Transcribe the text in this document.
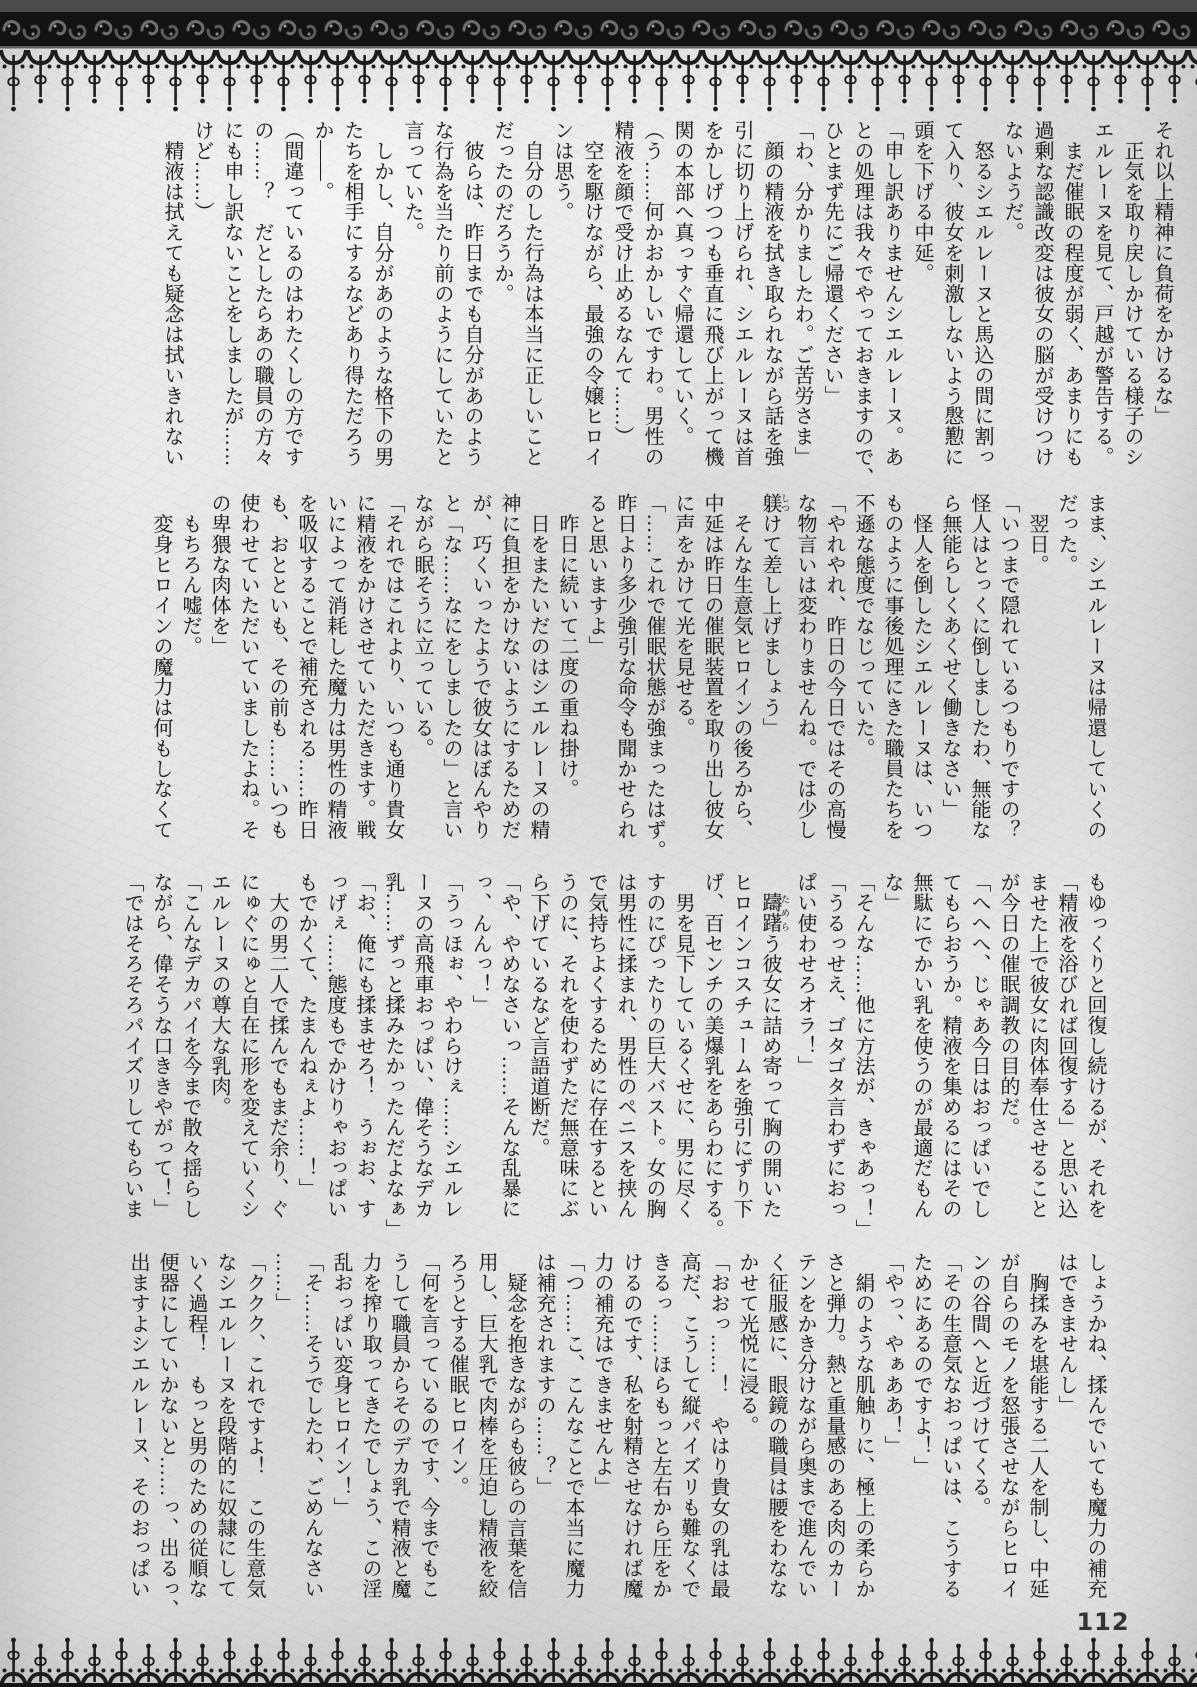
それ以上精神に負荷をかけるな」

　正気を取り戻しかけている様子のシ

エルレーヌを見て、戸越が警告する。

　まだ催眠の程度が弱く、あまりにも

過剰な認識改変は彼女の脳が受けつけ

ないようだ。

　怒るシエルレーヌと馬込の間に割っ

て入り、彼女を刺激しないよう慇懃に

頭を下げる中延。

「申し訳ありませんシエルレーヌ。あ

との処理は我々でやっておきますので、

ひとまず先にご帰還ください」

「わ、分かりましたわ。ご苦労さま」

　顔の精液を拭き取られながら話を強

引に切り上げられ、シエルレーヌは首

をかしげつつも垂直に飛び上がって機

関の本部へ真っすぐ帰還していく。

（う……何かおかしいですわ。男性の

精液を顔で受け止めるなんて……）

　空を駆けながら、最強の令嬢ヒロイ

ンは思う。

　自分のした行為は本当に正しいこと

だったのだろうか。

　彼らは、昨日までも自分があのよう

な行為を当たり前のようにしていたと

言っていた。

　しかし、自分があのような格下の男

たちを相手にするなどあり得ただろう

か――。

（間違っているのはわたくしの方です

の……？　だとしたらあの職員の方々

にも申し訳ないことをしましたが……

けど……）

　精液は拭えても疑念は拭いきれない

まま、シエルレーヌは帰還していくの

だった。

　翌日。

「いつまで隠れているつもりですの？

怪人はとっくに倒しましたわ、無能な

ら無能らしくあくせく働きなさい」

　怪人を倒したシエルレーヌは、いつ

ものように事後処理にきた職員たちを

不遜な態度でなじっていた。

「やれやれ、昨日の今日ではその高慢

な物言いは変わりませんね。では少し

躾 しつけて差し上げましょう」

　そんな生意気ヒロインの後ろから、

中延は昨日の催眠装置を取り出し彼女

に声をかけて光を見せる。

「……これで催眠状態が強まったはず。

昨日より多少強引な命令も聞かせられ

ると思いますよ」

　昨日に続いて二度の重ね掛け。

　日をまたいだのはシエルレーヌの精

神に負担をかけないようにするためだ

が、巧くいったようで彼女はぼんやり

と「な……なにをしましたの」と言い

ながら眠そうに立っている。

「それではこれより、いつも通り貴女

に精液をかけさせていただきます。戦

いによって消耗した魔力は男性の精液

を吸収することで補充される……昨日

も、おとといも、その前も……いつも

使わせていただいていましたよね。そ

の卑猥な肉体を」

　もちろん嘘だ。

　変身ヒロインの魔力は何もしなくて

もゆっくりと回復し続けるが、それを

「精液を浴びれば回復する」と思い込

ませた上で彼女に肉体奉仕させること

が今日の催眠調教の目的だ。

「へへへ、じゃあ今日はおっぱいでし

てもらおうか。精液を集めるにはその

無駄にでかい乳を使うのが最適だもん

な」

「そんな……他に方法が、きゃあっ！」

「うるっせえ、ゴタゴタ言わずにおっ

ぱい使わせろオラ！」

　躊躇 ためらう彼女に詰め寄って胸の開いた

ヒロインコスチュームを強引にずり下

げ、百センチの美爆乳をあらわにする。

　男を見下しているくせに、男に尽く

すのにぴったりの巨大バスト。女の胸

は男性に揉まれ、男性のペニスを挟ん

で気持ちよくするために存在するとい

うのに、それを使わずただ無意味にぶ

ら下げているなど言語道断だ。

「や、やめなさいっ……そんな乱暴に

っ、んんっ！」

「うっほぉ、やわらけぇ……シエルレ

ーヌの高飛車おっぱい、偉そうなデカ

乳……ずっと揉みたかったんだよなぁ」

「お、俺にも揉ませろ！　うぉお、す

っげぇ……態度もでかけりゃおっぱい

もでかくて、たまんねぇよ……！」

　大の男二人で揉んでもまだ余り、ぐ

にゅぐにゅと自在に形を変えていくシ

エルレーヌの尊大な乳肉。

「こんなデカパイを今まで散々揺らし

ながら、偉そうな口ききやがって！」

「ではそろそろパイズリしてもらいま

しょうかね、揉んでいても魔力の補充

はできませんし」

　胸揉みを堪能する二人を制し、中延

が自らのモノを怒張させながらヒロイ

ンの谷間へと近づけてくる。

「その生意気なおっぱいは、こうする

ためにあるのですよ！」

「やっ、やぁああ！」

　絹のような肌触りに、極上の柔らか

さと弾力。熱と重量感のある肉のカー

テンをかき分けながら奥まで進んでい

く征服感に、眼鏡の職員は腰をわなな

かせて光悦に浸る。

「おおっ……！　やはり貴女の乳は最

高だ、こうして縦パイズリも難なくで

きるっ……ほらもっと左右から圧をか

けるのです、私を射精させなければ魔

力の補充はできませんよ」

「つ……こ、こんなことで本当に魔力

は補充されますの……？」

　疑念を抱きながらも彼らの言葉を信

用し、巨大乳で肉棒を圧迫し精液を絞

ろうとする催眠ヒロイン。

「何を言っているのです、今までもこ

うして職員からそのデカ乳で精液と魔

力を搾り取ってきたでしょう、この淫

乱おっぱい変身ヒロイン！」

「そ……そうでしたわ、ごめんなさい

……」

「ククク、これですよ！　この生意気

なシエルレーヌを段階的に奴隷にして

いく過程！　もっと男のための従順な

便器にしていかないと……っ、出るっ、

出ますよシエルレーヌ、そのおっぱい

112
